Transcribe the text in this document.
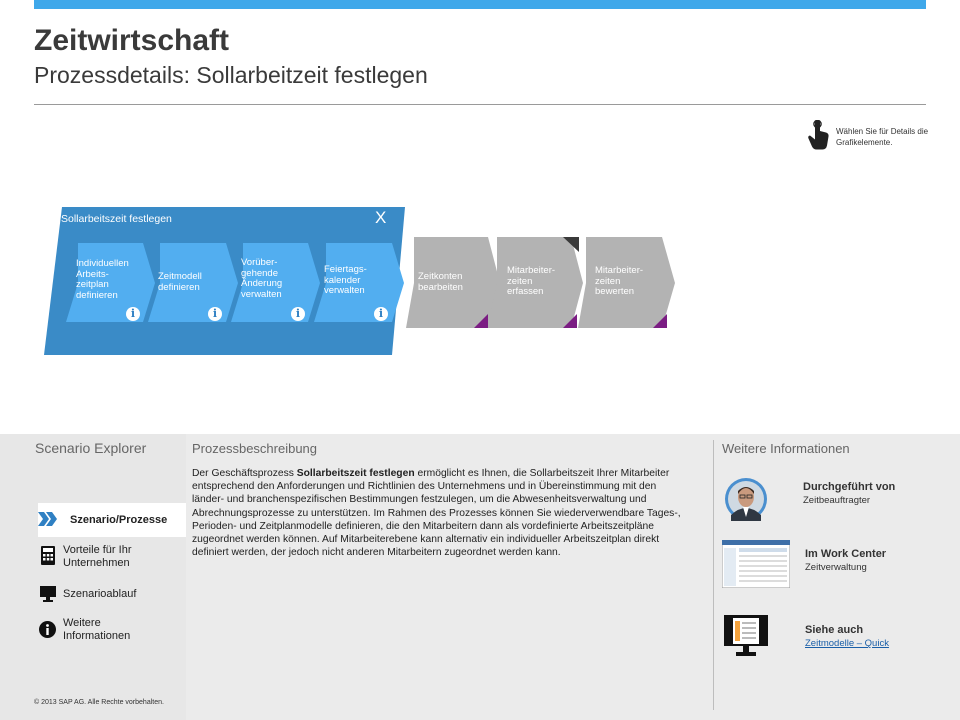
Zeitwirtschaft
Prozessdetails: Sollarbeitzeit festlegen
Wählen Sie für Details die Grafikelemente.
Sollarbeitszeit festlegen	X
Individuellen Arbeits- zeitplan definieren
Zeitmodell definieren
Vorüber- gehende Änderung verwalten
Feiertags- kalender verwalten
Zeitkonten bearbeiten
Mitarbeiter- zeiten erfassen
Mitarbeiter- zeiten bewerten
i	i	i	i
Scenario Explorer
Szenario/Prozesse
Vorteile für Ihr Unternehmen
Szenarioablauf
Weitere Informationen
© 2013 SAP AG. Alle Rechte vorbehalten.
Prozessbeschreibung
Der Geschäftsprozess Sollarbeitszeit festlegen ermöglicht es Ihnen, die Sollarbeitszeit Ihrer Mitarbeiter entsprechend den Anforderungen und Richtlinien des Unternehmens und in Übereinstimmung mit den länder- und branchenspezifischen Bestimmungen festzulegen, um die Abwesenheitsverwaltung und Abrechnungsprozesse zu unterstützen. Im Rahmen des Prozesses können Sie wiederverwendbare Tages-, Perioden- und Zeitplanmodelle definieren, die den Mitarbeitern dann als vordefinierte Arbeitszeitpläne zugeordnet werden können. Auf Mitarbeiterebene kann alternativ ein individueller Arbeitszeitplan direkt definiert werden, der jedoch nicht anderen Mitarbeitern zugeordnet werden kann.
Weitere Informationen
Durchgeführt von
Zeitbeauftragter
Im Work Center
Zeitverwaltung
Siehe auch
Zeitmodelle – Quick
